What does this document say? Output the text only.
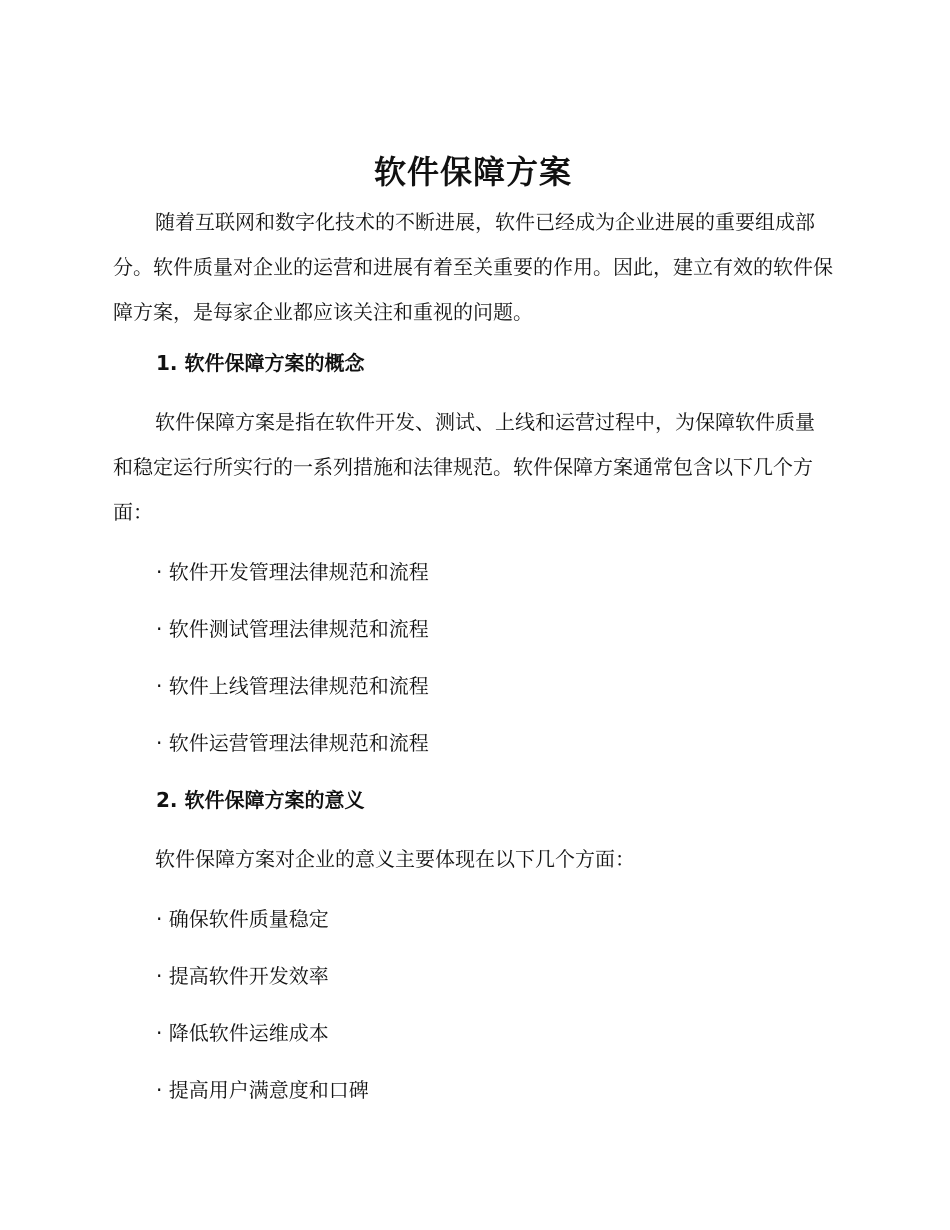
软件保障方案

随着互联网和数字化技术的不断进展，软件已经成为企业进展的重要组成部分。软件质量对企业的运营和进展有着至关重要的作用。因此，建立有效的软件保障方案，是每家企业都应该关注和重视的问题。

1. 软件保障方案的概念

软件保障方案是指在软件开发、测试、上线和运营过程中，为保障软件质量和稳定运行所实行的一系列措施和法律规范。软件保障方案通常包含以下几个方面：

· 软件开发管理法律规范和流程

· 软件测试管理法律规范和流程

· 软件上线管理法律规范和流程

· 软件运营管理法律规范和流程

2. 软件保障方案的意义

软件保障方案对企业的意义主要体现在以下几个方面：

· 确保软件质量稳定

· 提高软件开发效率

· 降低软件运维成本

· 提高用户满意度和口碑
